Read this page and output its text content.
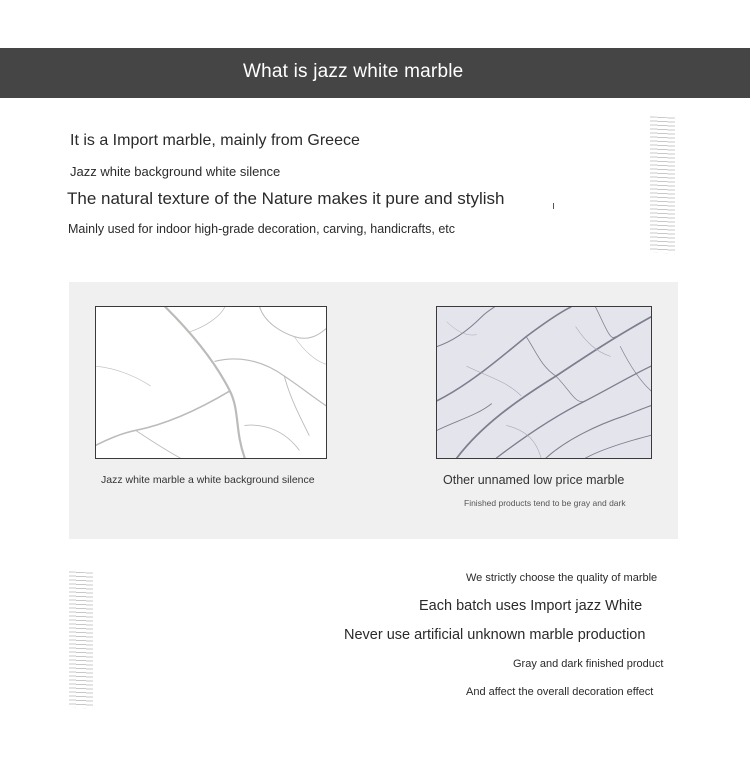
What is jazz white marble
It is a Import marble, mainly from Greece
Jazz white background white silence
The natural texture of the Nature makes it pure and stylish
Mainly used for indoor high-grade decoration, carving, handicrafts, etc
Jazz white marble a white background silence	Other unnamed low price marble
Finished products tend to be gray and dark
We strictly choose the quality of marble
Each batch uses Import jazz White
Never use artificial unknown marble production
Gray and dark finished product
And affect the overall decoration effect
